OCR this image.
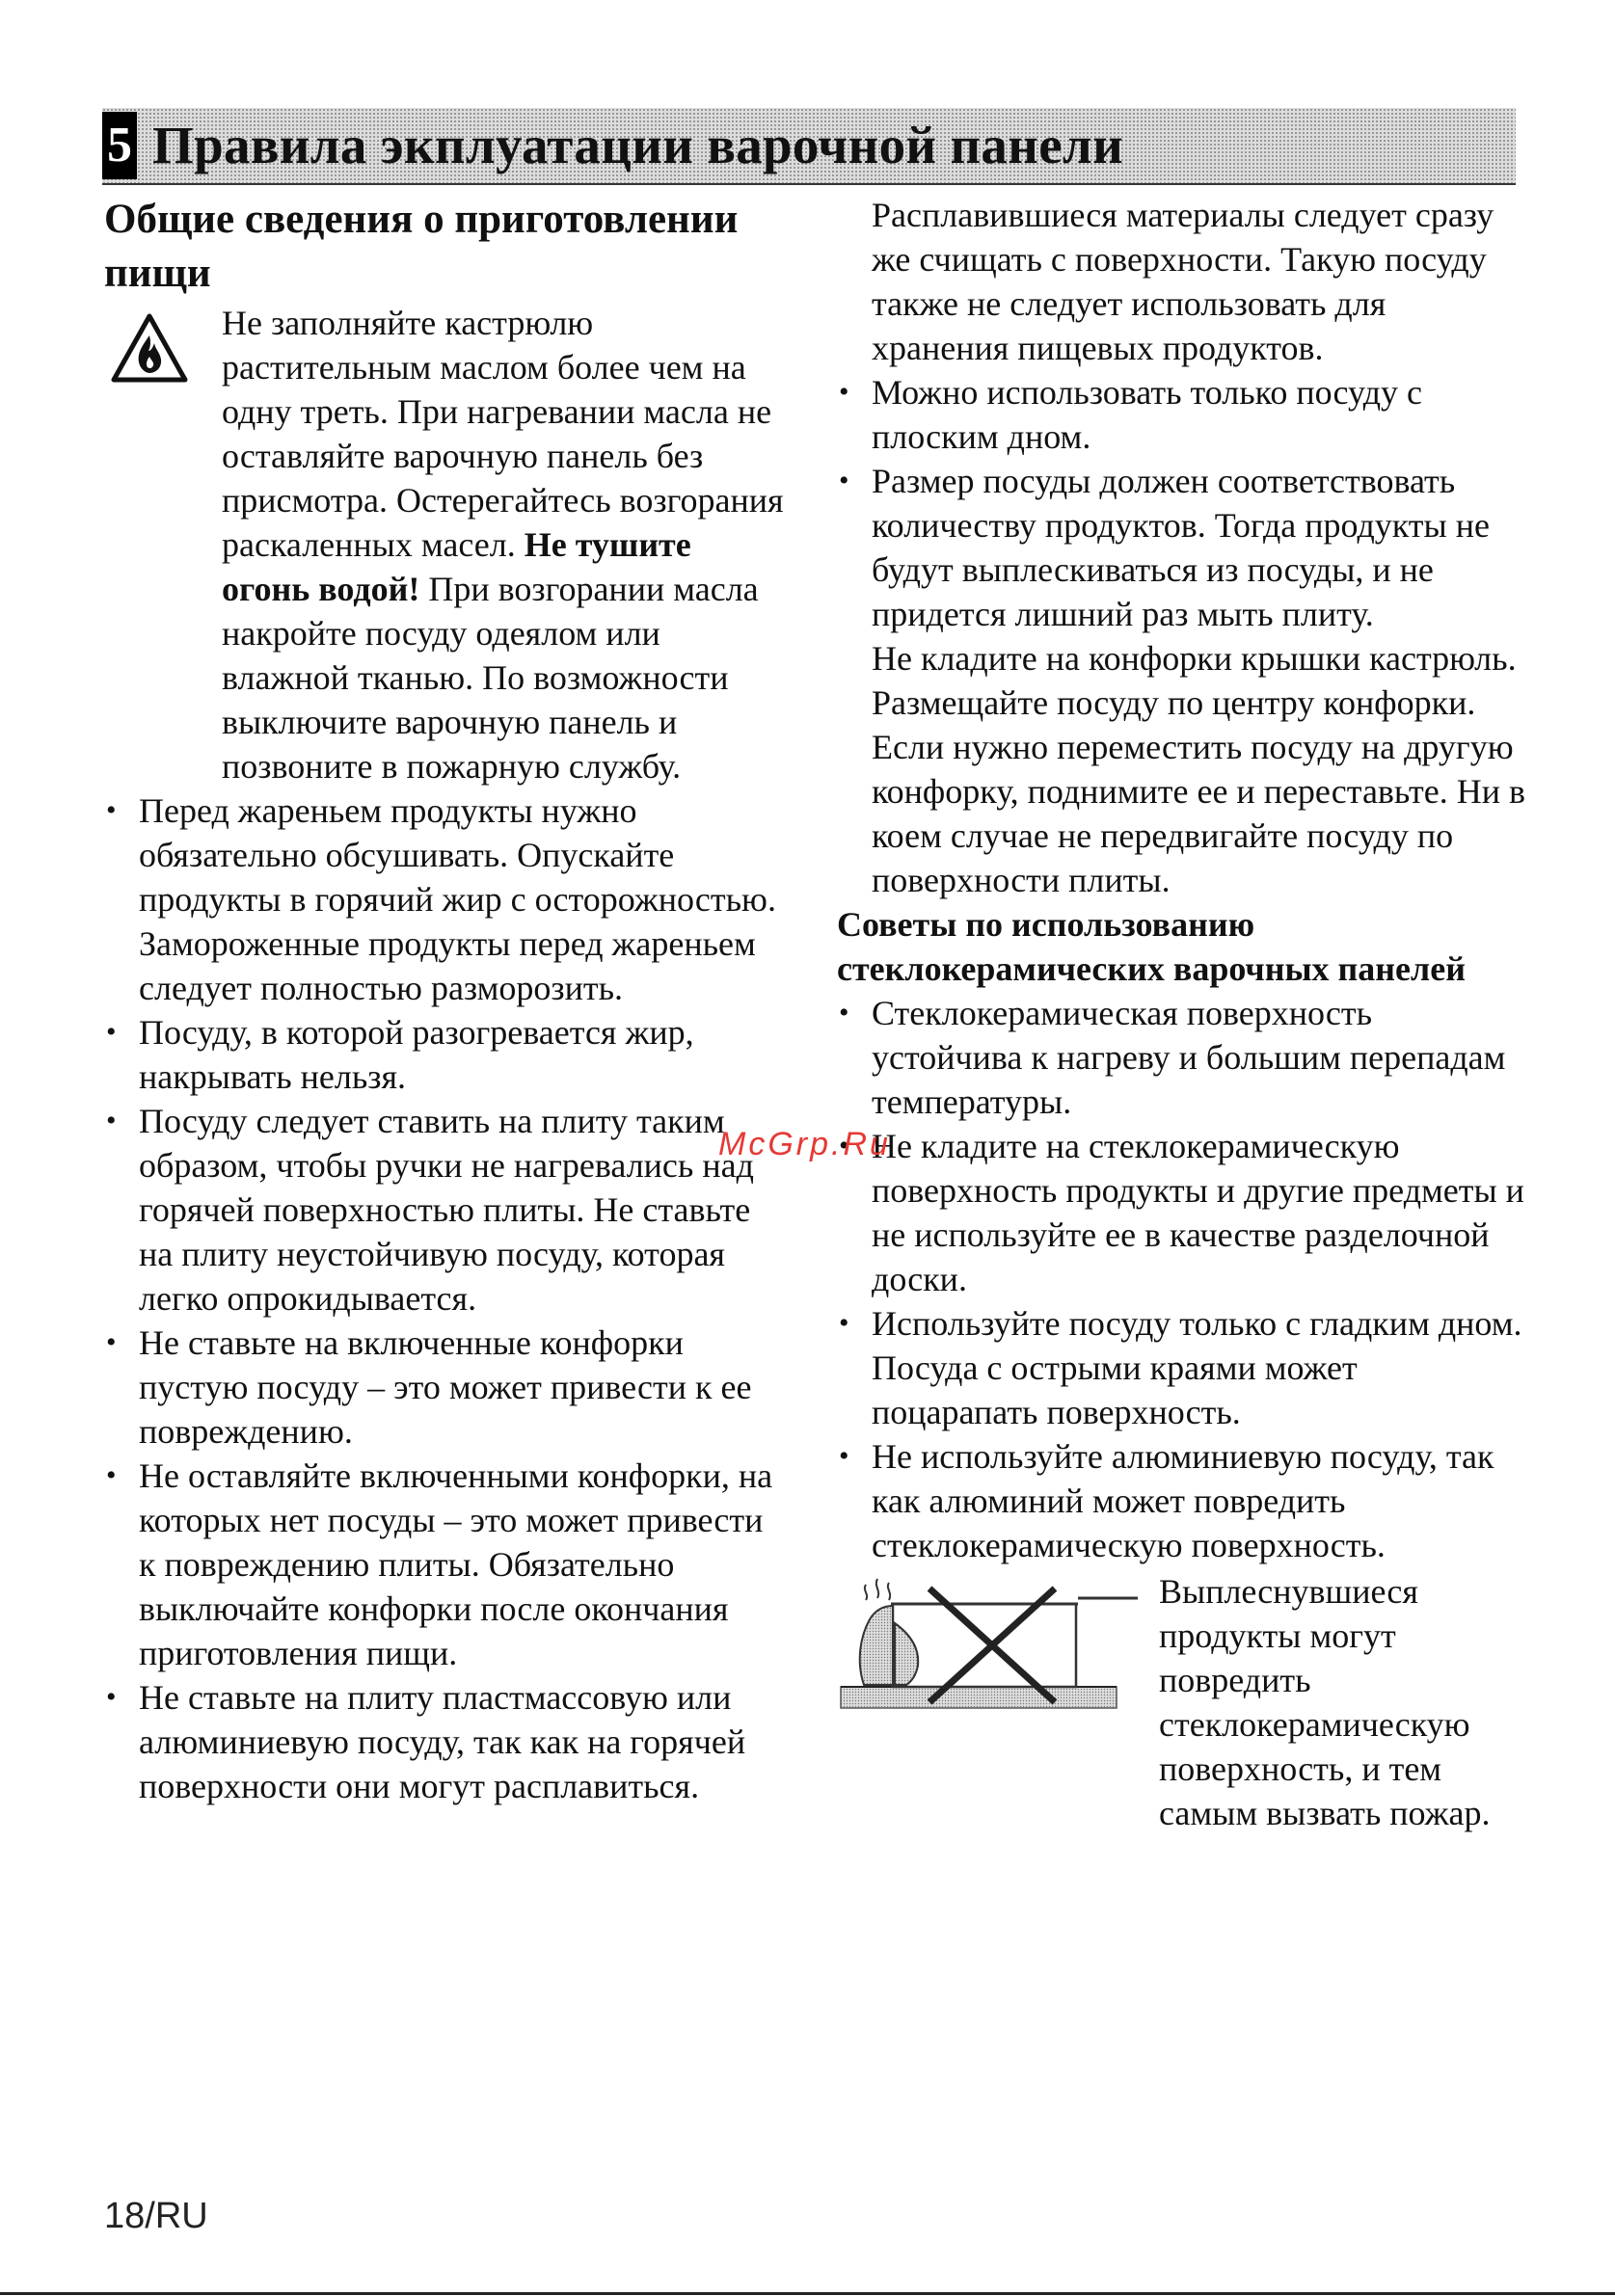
5 Правила экплуатации варочной панели
Общие сведения о приготовлении пищи

Не заполняйте кастрюлю растительным маслом более чем на одну треть. При нагревании масла не оставляйте варочную панель без присмотра. Остерегайтесь возгорания раскаленных масел. Не тушите огонь водой! При возгорании масла накройте посуду одеялом или влажной тканью. По возможности выключите варочную панель и позвоните в пожарную службу.

• Перед жареньем продукты нужно обязательно обсушивать. Опускайте продукты в горячий жир с осторожностью. Замороженные продукты перед жареньем следует полностью разморозить.
• Посуду, в которой разогревается жир, накрывать нельзя.
• Посуду следует ставить на плиту таким образом, чтобы ручки не нагревались над горячей поверхностью плиты. Не ставьте на плиту неустойчивую посуду, которая легко опрокидывается.
• Не ставьте на включенные конфорки пустую посуду – это может привести к ее повреждению.
• Не оставляйте включенными конфорки, на которых нет посуды – это может привести к повреждению плиты. Обязательно выключайте конфорки после окончания приготовления пищи.
• Не ставьте на плиту пластмассовую или алюминиевую посуду, так как на горячей поверхности они могут расплавиться.

Расплавившиеся материалы следует сразу же счищать с поверхности. Такую посуду также не следует использовать для хранения пищевых продуктов.

• Можно использовать только посуду с плоским дном.
• Размер посуды должен соответствовать количеству продуктов. Тогда продукты не будут выплескиваться из посуды, и не придется лишний раз мыть плиту.

Не кладите на конфорки крышки кастрюль.

Размещайте посуду по центру конфорки. Если нужно переместить посуду на другую конфорку, поднимите ее и переставьте. Ни в коем случае не передвигайте посуду по поверхности плиты.

Советы по использованию стеклокерамических варочных панелей
• Стеклокерамическая поверхность устойчива к нагреву и большим перепадам температуры.
• Не кладите на стеклокерамическую поверхность продукты и другие предметы и не используйте ее в качестве разделочной доски.
• Используйте посуду только с гладким дном. Посуда с острыми краями может поцарапать поверхность.
• Не используйте алюминиевую посуду, так как алюминий может повредить стеклокерамическую поверхность.

Выплеснувшиеся продукты могут повредить стеклокерамическую поверхность, и тем самым вызвать пожар.

McGrp.Ru
18/RU
